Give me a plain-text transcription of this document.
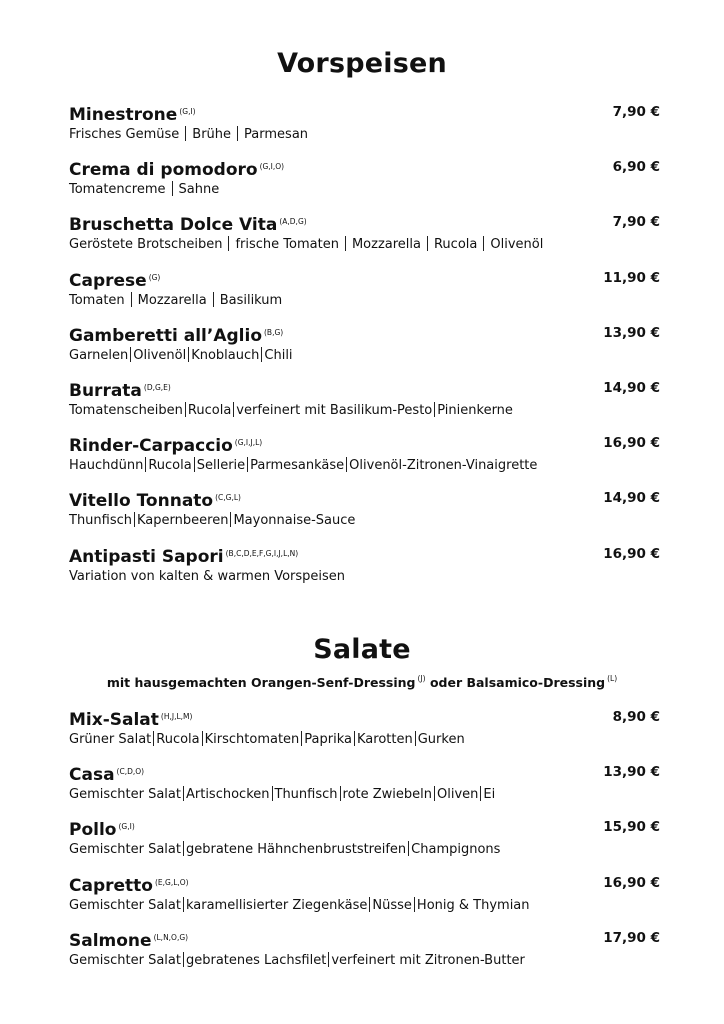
Vorspeisen
Minestrone $^{(G,I)}$
Frisches Gemüse Brühe Parmesan
7,90 €
Crema di pomodoro $^{(G,I,O)}$
Tomatencreme Sahne
6,90 €
Bruschetta Dolce Vita $^{(A,D,G)}$
Geröstete Brotscheiben frische Tomaten Mozzarella Rucola Olivenöl
7,90 €
Caprese $^{(G)}$
Tomaten Mozzarella Basilikum
11,90 €
Gamberetti all’Aglio $^{(B,G)}$
Garnelen Olivenöl Knoblauch Chili
13,90 €
Burrata $^{(D,G,E)}$
Tomatenscheiben Rucola verfeinert mit Basilikum-Pesto Pinienkerne
14,90 €
Rinder-Carpaccio $^{(G,I,J,L)}$
Hauchdünn Rucola Sellerie Parmesankäse Olivenöl-Zitronen-Vinaigrette
16,90 €
Vitello Tonnato $^{(C,G,L)}$
Thunfisch Kapernbeeren Mayonnaise-Sauce
14,90 €
Antipasti Sapori $^{(B,C,D,E,F,G,I,J,L,N)}$
Variation von kalten & warmen Vorspeisen
16,90 €
Salate
mit hausgemachten Orangen-Senf-Dressing $^{(J)}$ oder Balsamico-Dressing $^{(L)}$
Mix-Salat $^{(H,J,L,M)}$
Grüner Salat Rucola Kirschtomaten Paprika Karotten Gurken
8,90 €
Casa $^{(C,D,O)}$
Gemischter Salat Artischocken Thunfisch rote Zwiebeln Oliven Ei
13,90 €
Pollo $^{(G,I)}$
Gemischter Salat gebratene Hähnchenbruststreifen Champignons
15,90 €
Capretto $^{(E,G,L,O)}$
Gemischter Salat karamellisierter Ziegenkäse Nüsse Honig & Thymian
16,90 €
Salmone $^{(L,N,O,G)}$
Gemischter Salat gebratenes Lachsfilet verfeinert mit Zitronen-Butter
17,90 €
